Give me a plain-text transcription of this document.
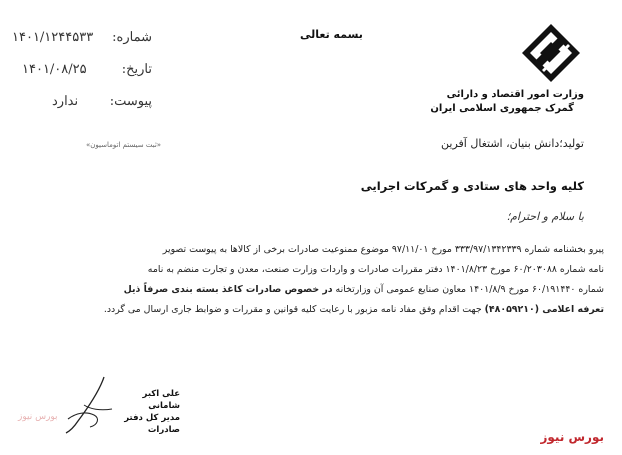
وزارت امور اقتصاد و دارائی
گمرک جمهوری اسلامی ایران
بسمه تعالی
شماره:
۱۴۰۱/۱۲۴۴۵۳۳
تاریخ:
۱۴۰۱/۰۸/۲۵
پیوست:
ندارد
«ثبت سیستم اتوماسیون»	تولید؛دانش بنیان، اشتغال آفرین
کلیه واحد های ستادی و گمرکات اجرایی
با سلام و احترام؛
پیرو بخشنامه شماره ۳۳۳/۹۷/۱۳۴۲۳۳۹ مورخ ۹۷/۱۱/۰۱ موضوع ممنوعیت صادرات برخی از کالاها به پیوست تصویر
نامه شماره ۶۰/۲۰۳۰۸۸ مورخ ۱۴۰۱/۸/۲۳ دفتر مقررات صادرات و واردات وزارت صنعت، معدن و تجارت منضم به نامه
شماره ۶۰/۱۹۱۴۴۰ مورخ ۱۴۰۱/۸/۹ معاون صنایع عمومی آن وزارتخانه در خصوص صادرات کاغذ بسته بندی صرفاً ذیل
تعرفه اعلامی (۴۸۰۵۹۲۱۰) جهت اقدام وفق مفاد نامه مزبور با رعایت کلیه قوانین و مقررات و ضوابط جاری ارسال می گردد.
علی اکبر شامانی
مدیر کل دفتر صادرات
بورس نیوز
بورس نیوز
